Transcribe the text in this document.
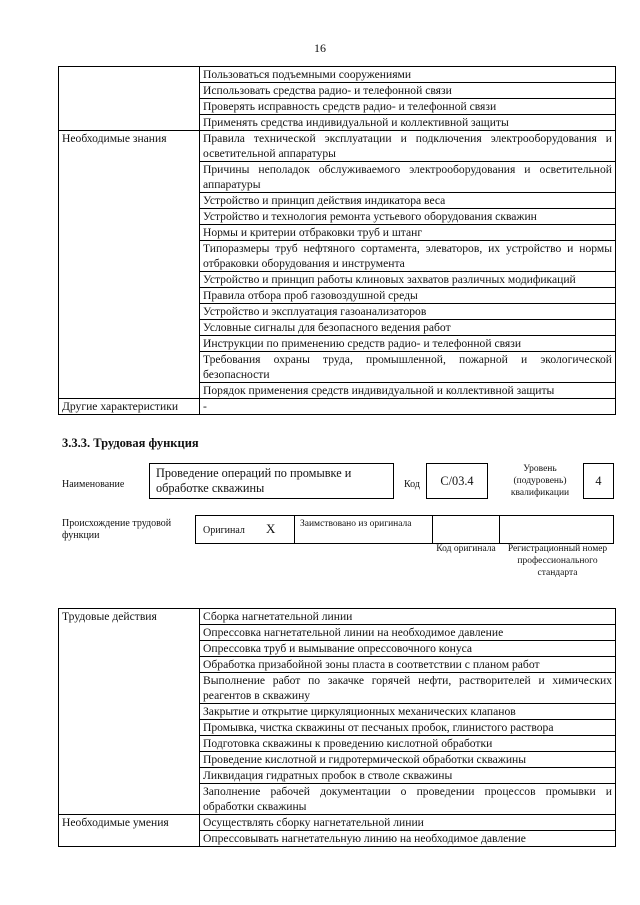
16
	Пользоваться подъемными сооружениями
	Использовать средства радио- и телефонной связи
	Проверять исправность средств радио- и телефонной связи
	Применять средства индивидуальной и коллективной защиты
Необходимые знания	Правила технической эксплуатации и подключения электрооборудования и осветительной аппаратуры
	Причины неполадок обслуживаемого электрооборудования и осветительной аппаратуры
	Устройство и принцип действия индикатора веса
	Устройство и технология ремонта устьевого оборудования скважин
	Нормы и критерии отбраковки труб и штанг
	Типоразмеры труб нефтяного сортамента, элеваторов, их устройство и нормы отбраковки оборудования и инструмента
	Устройство и принцип работы клиновых захватов различных модификаций
	Правила отбора проб газовоздушной среды
	Устройство и эксплуатация газоанализаторов
	Условные сигналы для безопасного ведения работ
	Инструкции по применению средств радио- и телефонной связи
	Требования охраны труда, промышленной, пожарной и экологической безопасности
	Порядок применения средств индивидуальной и коллективной защиты
Другие характеристики	-
3.3.3. Трудовая функция
Наименование
Проведение операций по промывке и обработке скважины	Код	С/03.4
Уровень (подуровень) квалификации
4
Происхождение трудовой функции	Оригинал X	Заимствовано из оригинала
Код оригинала	Регистрационный номер профессионального стандарта
Трудовые действия	Сборка нагнетательной линии
	Опрессовка нагнетательной линии на необходимое давление
	Опрессовка труб и вымывание опрессовочного конуса
	Обработка призабойной зоны пласта в соответствии с планом работ
	Выполнение работ по закачке горячей нефти, растворителей и химических реагентов в скважину
	Закрытие и открытие циркуляционных механических клапанов
	Промывка, чистка скважины от песчаных пробок, глинистого раствора
	Подготовка скважины к проведению кислотной обработки
	Проведение кислотной и гидротермической обработки скважины
	Ликвидация гидратных пробок в стволе скважины
	Заполнение рабочей документации о проведении процессов промывки и обработки скважины
Необходимые умения	Осуществлять сборку нагнетательной линии
	Опрессовывать нагнетательную линию на необходимое давление
